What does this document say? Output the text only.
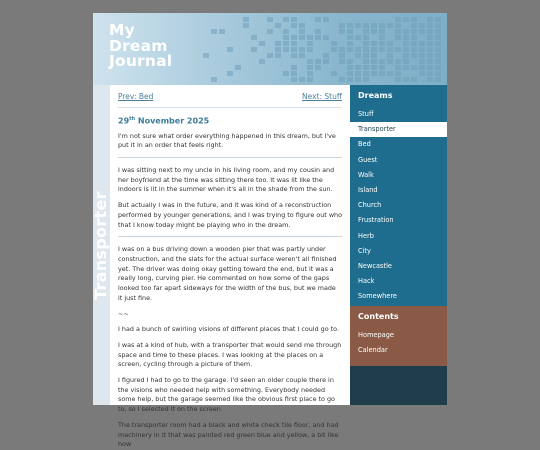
My
Dream
Journal
Transporter
Prev: Bed	Next: Stuff
29th November 2025

I'm not sure what order everything happened in this dream, but I've put it in an order that feels right.

I was sitting next to my uncle in his living room, and my cousin and her boyfriend at the time was sitting there too. It was lit like the indoors is lit in the summer when it's all in the shade from the sun.

But actually I was in the future, and it was kind of a reconstruction performed by younger generations, and I was trying to figure out who that I know today might be playing who in the dream.

I was on a bus driving down a wooden pier that was partly under construction, and the slats for the actual surface weren't all finished yet. The driver was doing okay getting toward the end, but it was a really long, curving pier. He commented on how some of the gaps looked too far apart sideways for the width of the bus, but we made it just fine.

~~

I had a bunch of swirling visions of different places that I could go to.

I was at a kind of hub, with a transporter that would send me through space and time to these places. I was looking at the places on a screen, cycling through a picture of them.

I figured I had to go to the garage. I'd seen an older couple there in the visions who needed help with something. Everybody needed some help, but the garage seemed like the obvious first place to go to, so I selected it on the screen.

The transporter room had a black and white check tile floor, and had machinery in it that was painted red green blue and yellow, a bit like how

Dreams
Stuff
Transporter
Bed
Guest
Walk
Island
Church
Frustration
Herb
City
Newcastle
Hack
Somewhere
Contents
Homepage
Calendar
